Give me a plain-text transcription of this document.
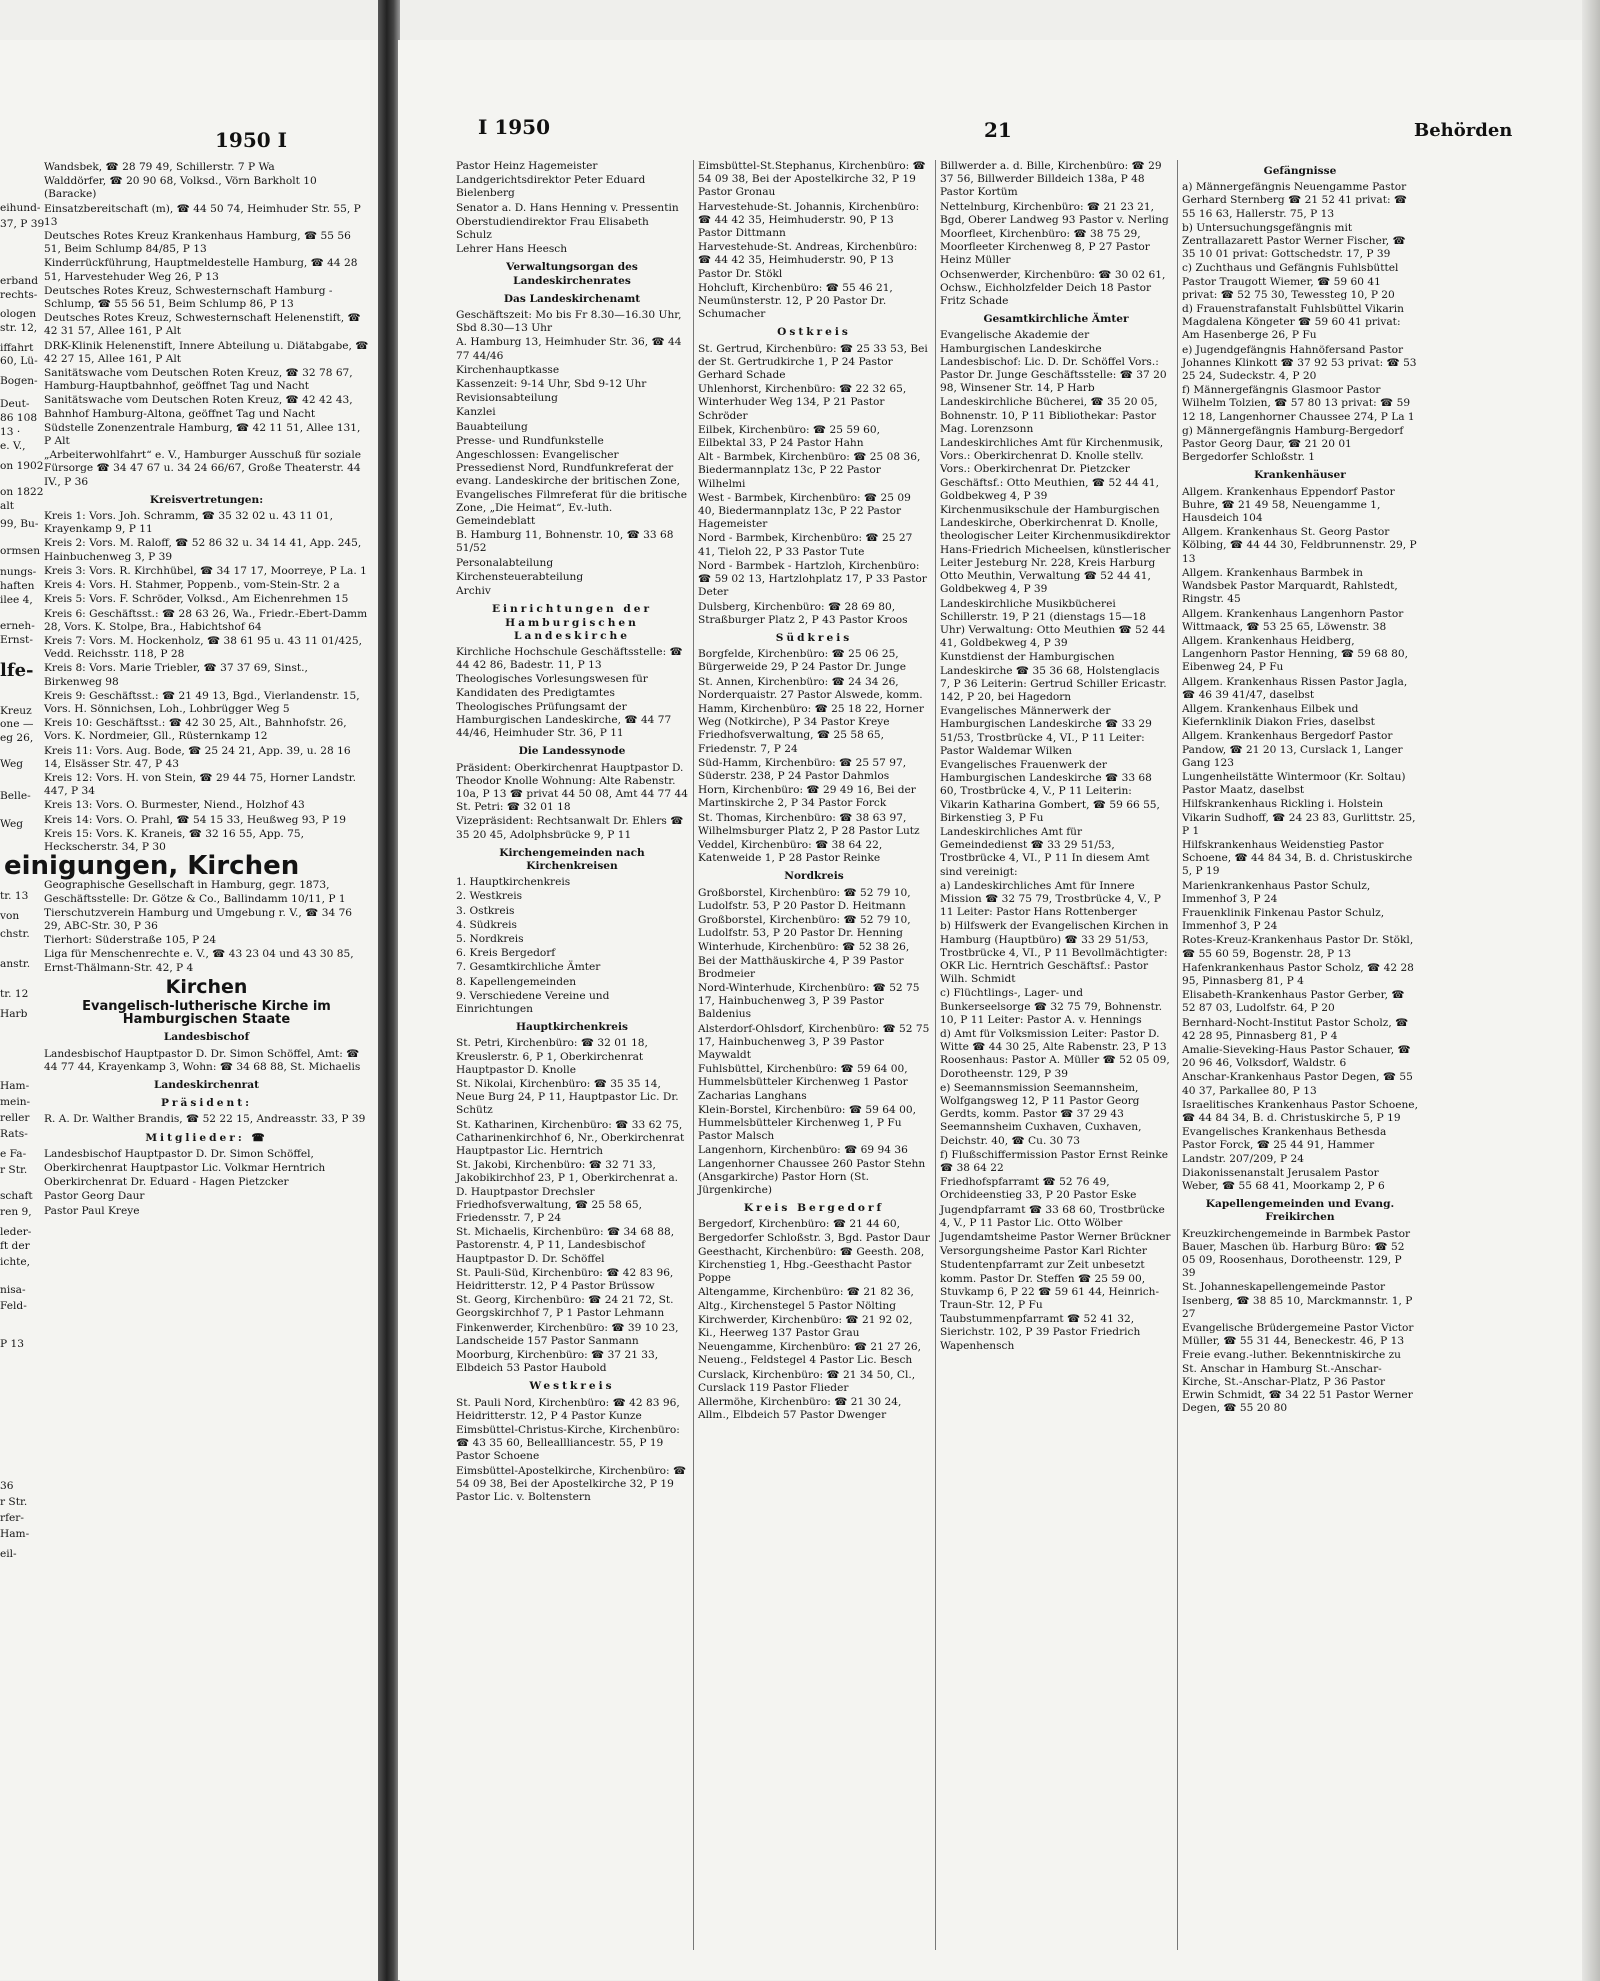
1950 I
eihund-
37, P 39
erband
rechts-
ologen
str. 12,
iffahrt
60, Lü-
Bogen-
Deut-
86 108
13 ·
e. V.,
on 1902
on 1822
alt
99, Bu-
ormsen
nungs-
haften
ilee 4,
erneh-
Ernst-
lfe-
Kreuz
one —
eg 26,
Weg
Belle-
Weg
tr. 13
von
chstr.
anstr.
tr. 12
Harb
Ham-
mein-
reller
Rats-
e Fa-
r Str.
schaft
ren 9,
leder-
ft der
ichte,
nisa-
Feld-
P 13
36
r Str.
rfer-
Ham-
eil-

Wandsbek, ☎ 28 79 49, Schillerstr. 7 P Wa

Walddörfer, ☎ 20 90 68, Volksd., Vörn Barkholt 10 (Baracke)

Einsatzbereitschaft (m), ☎ 44 50 74, Heimhuder Str. 55, P 13

Deutsches Rotes Kreuz Krankenhaus Hamburg, ☎ 55 56 51, Beim Schlump 84/85, P 13

Kinderrückführung, Hauptmeldestelle Hamburg, ☎ 44 28 51, Harvestehuder Weg 26, P 13

Deutsches Rotes Kreuz, Schwesternschaft Hamburg - Schlump, ☎ 55 56 51, Beim Schlump 86, P 13

Deutsches Rotes Kreuz, Schwesternschaft Helenenstift, ☎ 42 31 57, Allee 161, P Alt

DRK-Klinik Helenenstift, Innere Abteilung u. Diätabgabe, ☎ 42 27 15, Allee 161, P Alt

Sanitätswache vom Deutschen Roten Kreuz, ☎ 32 78 67, Hamburg-Hauptbahnhof, geöffnet Tag und Nacht

Sanitätswache vom Deutschen Roten Kreuz, ☎ 42 42 43, Bahnhof Hamburg-Altona, geöffnet Tag und Nacht

Südstelle Zonenzentrale Hamburg, ☎ 42 11 51, Allee 131, P Alt

„Arbeiterwohlfahrt“ e. V., Hamburger Ausschuß für soziale Fürsorge ☎ 34 47 67 u. 34 24 66/67, Große Theaterstr. 44 IV., P 36

Kreisvertretungen:

Kreis 1: Vors. Joh. Schramm, ☎ 35 32 02 u. 43 11 01, Krayenkamp 9, P 11

Kreis 2: Vors. M. Raloff, ☎ 52 86 32 u. 34 14 41, App. 245, Hainbuchenweg 3, P 39

Kreis 3: Vors. R. Kirchhübel, ☎ 34 17 17, Moorreye, P La. 1

Kreis 4: Vors. H. Stahmer, Poppenb., vom-Stein-Str. 2 a

Kreis 5: Vors. F. Schröder, Volksd., Am Eichenrehmen 15

Kreis 6: Geschäftsst.: ☎ 28 63 26, Wa., Friedr.-Ebert-Damm 28, Vors. K. Stolpe, Bra., Habichtshof 64

Kreis 7: Vors. M. Hockenholz, ☎ 38 61 95 u. 43 11 01/425, Vedd. Reichsstr. 118, P 28

Kreis 8: Vors. Marie Triebler, ☎ 37 37 69, Sinst., Birkenweg 98

Kreis 9: Geschäftsst.: ☎ 21 49 13, Bgd., Vierlandenstr. 15, Vors. H. Sönnichsen, Loh., Lohbrügger Weg 5

Kreis 10: Geschäftsst.: ☎ 42 30 25, Alt., Bahnhofstr. 26, Vors. K. Nordmeier, Gll., Rüsternkamp 12

Kreis 11: Vors. Aug. Bode, ☎ 25 24 21, App. 39, u. 28 16 14, Elsässer Str. 47, P 43

Kreis 12: Vors. H. von Stein, ☎ 29 44 75, Horner Landstr. 447, P 34

Kreis 13: Vors. O. Burmester, Niend., Holzhof 43

Kreis 14: Vors. O. Prahl, ☎ 54 15 33, Heußweg 93, P 19

Kreis 15: Vors. K. Kraneis, ☎ 32 16 55, App. 75, Heckscherstr. 34, P 30

einigungen, Kirchen

Geographische Gesellschaft in Hamburg, gegr. 1873, Geschäftsstelle: Dr. Götze & Co., Ballindamm 10/11, P 1

Tierschutzverein Hamburg und Umgebung r. V., ☎ 34 76 29, ABC-Str. 30, P 36

Tierhort: Süderstraße 105, P 24

Liga für Menschenrechte e. V., ☎ 43 23 04 und 43 30 85, Ernst-Thälmann-Str. 42, P 4

Kirchen
Evangelisch-lutherische Kirche im Hamburgischen Staate

Landesbischof

Landesbischof Hauptpastor D. Dr. Simon Schöffel, Amt: ☎ 44 77 44, Krayenkamp 3, Wohn: ☎ 34 68 88, St. Michaelis

Landeskirchenrat

Präsident:

R. A. Dr. Walther Brandis, ☎ 52 22 15, Andreasstr. 33, P 39

Mitglieder: ☎

Landesbischof Hauptpastor D. Dr. Simon Schöffel,

Oberkirchenrat Hauptpastor Lic. Volkmar Herntrich

Oberkirchenrat Dr. Eduard - Hagen Pietzcker

Pastor Georg Daur

Pastor Paul Kreye

I 1950	21	Behörden

Pastor Heinz Hagemeister

Landgerichtsdirektor Peter Eduard Bielenberg

Senator a. D. Hans Henning v. Pressentin

Oberstudiendirektor Frau Elisabeth Schulz

Lehrer Hans Heesch

Verwaltungsorgan des Landeskirchenrates

Das Landeskirchenamt

Geschäftszeit: Mo bis Fr 8.30—16.30 Uhr, Sbd 8.30—13 Uhr

A. Hamburg 13, Heimhuder Str. 36, ☎ 44 77 44/46

Kirchenhauptkasse

Kassenzeit: 9-14 Uhr, Sbd 9-12 Uhr

Revisionsabteilung

Kanzlei

Bauabteilung

Presse- und Rundfunkstelle

Angeschlossen: Evangelischer Pressedienst Nord, Rundfunkreferat der evang. Landeskirche der britischen Zone, Evangelisches Filmreferat für die britische Zone, „Die Heimat“, Ev.-luth. Gemeindeblatt

B. Hamburg 11, Bohnenstr. 10, ☎ 33 68 51/52

Personalabteilung

Kirchensteuerabteilung

Archiv

Einrichtungen der Hamburgischen Landeskirche

Kirchliche Hochschule Geschäftsstelle: ☎ 44 42 86, Badestr. 11, P 13

Theologisches Vorlesungswesen für Kandidaten des Predigtamtes

Theologisches Prüfungsamt der Hamburgischen Landeskirche, ☎ 44 77 44/46, Heimhuder Str. 36, P 11

Die Landessynode

Präsident: Oberkirchenrat Hauptpastor D. Theodor Knolle Wohnung: Alte Rabenstr. 10a, P 13 ☎ privat 44 50 08, Amt 44 77 44 St. Petri: ☎ 32 01 18

Vizepräsident: Rechtsanwalt Dr. Ehlers ☎ 35 20 45, Adolphsbrücke 9, P 11

Kirchengemeinden nach Kirchenkreisen

1. Hauptkirchenkreis

2. Westkreis

3. Ostkreis

4. Südkreis

5. Nordkreis

6. Kreis Bergedorf

7. Gesamtkirchliche Ämter

8. Kapellengemeinden

9. Verschiedene Vereine und Einrichtungen

Hauptkirchenkreis

St. Petri, Kirchenbüro: ☎ 32 01 18, Kreuslerstr. 6, P 1, Oberkirchenrat Hauptpastor D. Knolle

St. Nikolai, Kirchenbüro: ☎ 35 35 14, Neue Burg 24, P 11, Hauptpastor Lic. Dr. Schütz

St. Katharinen, Kirchenbüro: ☎ 33 62 75, Catharinenkirchhof 6, Nr., Oberkirchenrat Hauptpastor Lic. Herntrich

St. Jakobi, Kirchenbüro: ☎ 32 71 33, Jakobikirchhof 23, P 1, Oberkirchenrat a. D. Hauptpastor Drechsler Friedhofsverwaltung, ☎ 25 58 65, Friedensstr. 7, P 24

St. Michaelis, Kirchenbüro: ☎ 34 68 88, Pastorenstr. 4, P 11, Landesbischof Hauptpastor D. Dr. Schöffel

St. Pauli-Süd, Kirchenbüro: ☎ 42 83 96, Heidritterstr. 12, P 4 Pastor Brüssow

St. Georg, Kirchenbüro: ☎ 24 21 72, St. Georgskirchhof 7, P 1 Pastor Lehmann

Finkenwerder, Kirchenbüro: ☎ 39 10 23, Landscheide 157 Pastor Sanmann

Moorburg, Kirchenbüro: ☎ 37 21 33, Elbdeich 53 Pastor Haubold

Westkreis

St. Pauli Nord, Kirchenbüro: ☎ 42 83 96, Heidritterstr. 12, P 4 Pastor Kunze

Eimsbüttel-Christus-Kirche, Kirchenbüro: ☎ 43 35 60, Belleallliancestr. 55, P 19 Pastor Schoene

Eimsbüttel-Apostelkirche, Kirchenbüro: ☎ 54 09 38, Bei der Apostelkirche 32, P 19 Pastor Lic. v. Boltenstern

Eimsbüttel-St.Stephanus, Kirchenbüro: ☎ 54 09 38, Bei der Apostelkirche 32, P 19 Pastor Gronau

Harvestehude-St. Johannis, Kirchenbüro: ☎ 44 42 35, Heimhuderstr. 90, P 13 Pastor Dittmann

Harvestehude-St. Andreas, Kirchenbüro: ☎ 44 42 35, Heimhuderstr. 90, P 13 Pastor Dr. Stökl

Hohcluft, Kirchenbüro: ☎ 55 46 21, Neumünsterstr. 12, P 20 Pastor Dr. Schumacher

Ostkreis

St. Gertrud, Kirchenbüro: ☎ 25 33 53, Bei der St. Gertrudkirche 1, P 24 Pastor Gerhard Schade

Uhlenhorst, Kirchenbüro: ☎ 22 32 65, Winterhuder Weg 134, P 21 Pastor Schröder

Eilbek, Kirchenbüro: ☎ 25 59 60, Eilbektal 33, P 24 Pastor Hahn

Alt - Barmbek, Kirchenbüro: ☎ 25 08 36, Biedermannplatz 13c, P 22 Pastor Wilhelmi

West - Barmbek, Kirchenbüro: ☎ 25 09 40, Biedermannplatz 13c, P 22 Pastor Hagemeister

Nord - Barmbek, Kirchenbüro: ☎ 25 27 41, Tieloh 22, P 33 Pastor Tute

Nord - Barmbek - Hartzloh, Kirchenbüro: ☎ 59 02 13, Hartzlohplatz 17, P 33 Pastor Deter

Dulsberg, Kirchenbüro: ☎ 28 69 80, Straßburger Platz 2, P 43 Pastor Kroos

Südkreis

Borgfelde, Kirchenbüro: ☎ 25 06 25, Bürgerweide 29, P 24 Pastor Dr. Junge

St. Annen, Kirchenbüro: ☎ 24 34 26, Norderquaistr. 27 Pastor Alswede, komm.

Hamm, Kirchenbüro: ☎ 25 18 22, Horner Weg (Notkirche), P 34 Pastor Kreye Friedhofsverwaltung, ☎ 25 58 65, Friedenstr. 7, P 24

Süd-Hamm, Kirchenbüro: ☎ 25 57 97, Süderstr. 238, P 24 Pastor Dahmlos

Horn, Kirchenbüro: ☎ 29 49 16, Bei der Martinskirche 2, P 34 Pastor Forck

St. Thomas, Kirchenbüro: ☎ 38 63 97, Wilhelmsburger Platz 2, P 28 Pastor Lutz

Veddel, Kirchenbüro: ☎ 38 64 22, Katenweide 1, P 28 Pastor Reinke

Nordkreis

Großborstel, Kirchenbüro: ☎ 52 79 10, Ludolfstr. 53, P 20 Pastor D. Heitmann

Großborstel, Kirchenbüro: ☎ 52 79 10, Ludolfstr. 53, P 20 Pastor Dr. Henning

Winterhude, Kirchenbüro: ☎ 52 38 26, Bei der Matthäuskirche 4, P 39 Pastor Brodmeier

Nord-Winterhude, Kirchenbüro: ☎ 52 75 17, Hainbuchenweg 3, P 39 Pastor Baldenius

Alsterdorf-Ohlsdorf, Kirchenbüro: ☎ 52 75 17, Hainbuchenweg 3, P 39 Pastor Maywaldt

Fuhlsbüttel, Kirchenbüro: ☎ 59 64 00, Hummelsbütteler Kirchenweg 1 Pastor Zacharias Langhans

Klein-Borstel, Kirchenbüro: ☎ 59 64 00, Hummelsbütteler Kirchenweg 1, P Fu Pastor Malsch

Langenhorn, Kirchenbüro: ☎ 69 94 36 Langenhorner Chaussee 260 Pastor Stehn (Ansgarkirche) Pastor Horn (St. Jürgenkirche)

Kreis Bergedorf

Bergedorf, Kirchenbüro: ☎ 21 44 60, Bergedorfer Schloßstr. 3, Bgd. Pastor Daur

Geesthacht, Kirchenbüro: ☎ Geesth. 208, Kirchenstieg 1, Hbg.-Geesthacht Pastor Poppe

Altengamme, Kirchenbüro: ☎ 21 82 36, Altg., Kirchenstegel 5 Pastor Nölting

Kirchwerder, Kirchenbüro: ☎ 21 92 02, Ki., Heerweg 137 Pastor Grau

Neuengamme, Kirchenbüro: ☎ 21 27 26, Neueng., Feldstegel 4 Pastor Lic. Besch

Curslack, Kirchenbüro: ☎ 21 34 50, Cl., Curslack 119 Pastor Flieder

Allermöhe, Kirchenbüro: ☎ 21 30 24, Allm., Elbdeich 57 Pastor Dwenger

Billwerder a. d. Bille, Kirchenbüro: ☎ 29 37 56, Billwerder Billdeich 138a, P 48 Pastor Kortüm

Nettelnburg, Kirchenbüro: ☎ 21 23 21, Bgd, Oberer Landweg 93 Pastor v. Nerling

Moorfleet, Kirchenbüro: ☎ 38 75 29, Moorfleeter Kirchenweg 8, P 27 Pastor Heinz Müller

Ochsenwerder, Kirchenbüro: ☎ 30 02 61, Ochsw., Eichholzfelder Deich 18 Pastor Fritz Schade

Gesamtkirchliche Ämter

Evangelische Akademie der Hamburgischen Landeskirche Landesbischof: Lic. D. Dr. Schöffel Vors.: Pastor Dr. Junge Geschäftsstelle: ☎ 37 20 98, Winsener Str. 14, P Harb

Landeskirchliche Bücherei, ☎ 35 20 05, Bohnenstr. 10, P 11 Bibliothekar: Pastor Mag. Lorenzsonn

Landeskirchliches Amt für Kirchenmusik, Vors.: Oberkirchenrat D. Knolle stellv. Vors.: Oberkirchenrat Dr. Pietzcker Geschäftsf.: Otto Meuthien, ☎ 52 44 41, Goldbekweg 4, P 39

Kirchenmusikschule der Hamburgischen Landeskirche, Oberkirchenrat D. Knolle, theologischer Leiter Kirchenmusikdirektor Hans-Friedrich Micheelsen, künstlerischer Leiter Jesteburg Nr. 228, Kreis Harburg Otto Meuthin, Verwaltung ☎ 52 44 41, Goldbekweg 4, P 39

Landeskirchliche Musikbücherei Schillerstr. 19, P 21 (dienstags 15—18 Uhr) Verwaltung: Otto Meuthien ☎ 52 44 41, Goldbekweg 4, P 39

Kunstdienst der Hamburgischen Landeskirche ☎ 35 36 68, Holstenglacis 7, P 36 Leiterin: Gertrud Schiller Ericastr. 142, P 20, bei Hagedorn

Evangelisches Männerwerk der Hamburgischen Landeskirche ☎ 33 29 51/53, Trostbrücke 4, VI., P 11 Leiter: Pastor Waldemar Wilken

Evangelisches Frauenwerk der Hamburgischen Landeskirche ☎ 33 68 60, Trostbrücke 4, V., P 11 Leiterin: Vikarin Katharina Gombert, ☎ 59 66 55, Birkenstieg 3, P Fu

Landeskirchliches Amt für Gemeindedienst ☎ 33 29 51/53, Trostbrücke 4, VI., P 11 In diesem Amt sind vereinigt:

a) Landeskirchliches Amt für Innere Mission ☎ 32 75 79, Trostbrücke 4, V., P 11 Leiter: Pastor Hans Rottenberger

b) Hilfswerk der Evangelischen Kirchen in Hamburg (Hauptbüro) ☎ 33 29 51/53, Trostbrücke 4, VI., P 11 Bevollmächtigter: OKR Lic. Herntrich Geschäftsf.: Pastor Wilh. Schmidt

c) Flüchtlings-, Lager- und Bunkerseelsorge ☎ 32 75 79, Bohnenstr. 10, P 11 Leiter: Pastor A. v. Hennings

d) Amt für Volksmission Leiter: Pastor D. Witte ☎ 44 30 25, Alte Rabenstr. 23, P 13 Roosenhaus: Pastor A. Müller ☎ 52 05 09, Dorotheenstr. 129, P 39

e) Seemannsmission Seemannsheim, Wolfgangsweg 12, P 11 Pastor Georg Gerdts, komm. Pastor ☎ 37 29 43 Seemannsheim Cuxhaven, Cuxhaven, Deichstr. 40, ☎ Cu. 30 73

f) Flußschiffermission Pastor Ernst Reinke ☎ 38 64 22

Friedhofspfarramt ☎ 52 76 49, Orchideenstieg 33, P 20 Pastor Eske

Jugendpfarramt ☎ 33 68 60, Trostbrücke 4, V., P 11 Pastor Lic. Otto Wölber

Jugendamtsheime Pastor Werner Brückner

Versorgungsheime Pastor Karl Richter

Studentenpfarramt zur Zeit unbesetzt komm. Pastor Dr. Steffen ☎ 25 59 00, Stuvkamp 6, P 22 ☎ 59 61 44, Heinrich-Traun-Str. 12, P Fu

Taubstummenpfarramt ☎ 52 41 32, Sierichstr. 102, P 39 Pastor Friedrich Wapenhensch

Gefängnisse

a) Männergefängnis Neuengamme Pastor Gerhard Sternberg ☎ 21 52 41 privat: ☎ 55 16 63, Hallerstr. 75, P 13

b) Untersuchungsgefängnis mit Zentrallazarett Pastor Werner Fischer, ☎ 35 10 01 privat: Gottschedstr. 17, P 39

c) Zuchthaus und Gefängnis Fuhlsbüttel Pastor Traugott Wiemer, ☎ 59 60 41 privat: ☎ 52 75 30, Tewessteg 10, P 20

d) Frauenstrafanstalt Fuhlsbüttel Vikarin Magdalena Köngeter ☎ 59 60 41 privat: Am Hasenberge 26, P Fu

e) Jugendgefängnis Hahnöfersand Pastor Johannes Klinkott ☎ 37 92 53 privat: ☎ 53 25 24, Sudeckstr. 4, P 20

f) Männergefängnis Glasmoor Pastor Wilhelm Tolzien, ☎ 57 80 13 privat: ☎ 59 12 18, Langenhorner Chaussee 274, P La 1

g) Männergefängnis Hamburg-Bergedorf Pastor Georg Daur, ☎ 21 20 01 Bergedorfer Schloßstr. 1

Krankenhäuser

Allgem. Krankenhaus Eppendorf Pastor Buhre, ☎ 21 49 58, Neuengamme 1, Hausdeich 104

Allgem. Krankenhaus St. Georg Pastor Kölbing, ☎ 44 44 30, Feldbrunnenstr. 29, P 13

Allgem. Krankenhaus Barmbek in Wandsbek Pastor Marquardt, Rahlstedt, Ringstr. 45

Allgem. Krankenhaus Langenhorn Pastor Wittmaack, ☎ 53 25 65, Löwenstr. 38

Allgem. Krankenhaus Heidberg, Langenhorn Pastor Henning, ☎ 59 68 80, Eibenweg 24, P Fu

Allgem. Krankenhaus Rissen Pastor Jagla, ☎ 46 39 41/47, daselbst

Allgem. Krankenhaus Eilbek und Kiefernklinik Diakon Fries, daselbst

Allgem. Krankenhaus Bergedorf Pastor Pandow, ☎ 21 20 13, Curslack 1, Langer Gang 123

Lungenheilstätte Wintermoor (Kr. Soltau) Pastor Maatz, daselbst

Hilfskrankenhaus Rickling i. Holstein Vikarin Sudhoff, ☎ 24 23 83, Gurlittstr. 25, P 1

Hilfskrankenhaus Weidenstieg Pastor Schoene, ☎ 44 84 34, B. d. Christuskirche 5, P 19

Marienkrankenhaus Pastor Schulz, Immenhof 3, P 24

Frauenklinik Finkenau Pastor Schulz, Immenhof 3, P 24

Rotes-Kreuz-Krankenhaus Pastor Dr. Stökl, ☎ 55 60 59, Bogenstr. 28, P 13

Hafenkrankenhaus Pastor Scholz, ☎ 42 28 95, Pinnasberg 81, P 4

Elisabeth-Krankenhaus Pastor Gerber, ☎ 52 87 03, Ludolfstr. 64, P 20

Bernhard-Nocht-Institut Pastor Scholz, ☎ 42 28 95, Pinnasberg 81, P 4

Amalie-Sieveking-Haus Pastor Schauer, ☎ 20 96 46, Volksdorf, Waldstr. 6

Anschar-Krankenhaus Pastor Degen, ☎ 55 40 37, Parkallee 80, P 13

Israelitisches Krankenhaus Pastor Schoene, ☎ 44 84 34, B. d. Christuskirche 5, P 19

Evangelisches Krankenhaus Bethesda Pastor Forck, ☎ 25 44 91, Hammer Landstr. 207/209, P 24

Diakonissenanstalt Jerusalem Pastor Weber, ☎ 55 68 41, Moorkamp 2, P 6

Kapellengemeinden und Evang. Freikirchen

Kreuzkirchengemeinde in Barmbek Pastor Bauer, Maschen üb. Harburg Büro: ☎ 52 05 09, Roosenhaus, Dorotheenstr. 129, P 39

St. Johanneskapellengemeinde Pastor Isenberg, ☎ 38 85 10, Marckmannstr. 1, P 27

Evangelische Brüdergemeine Pastor Victor Müller, ☎ 55 31 44, Beneckestr. 46, P 13

Freie evang.-luther. Bekenntniskirche zu St. Anschar in Hamburg St.-Anschar-Kirche, St.-Anschar-Platz, P 36 Pastor Erwin Schmidt, ☎ 34 22 51 Pastor Werner Degen, ☎ 55 20 80
